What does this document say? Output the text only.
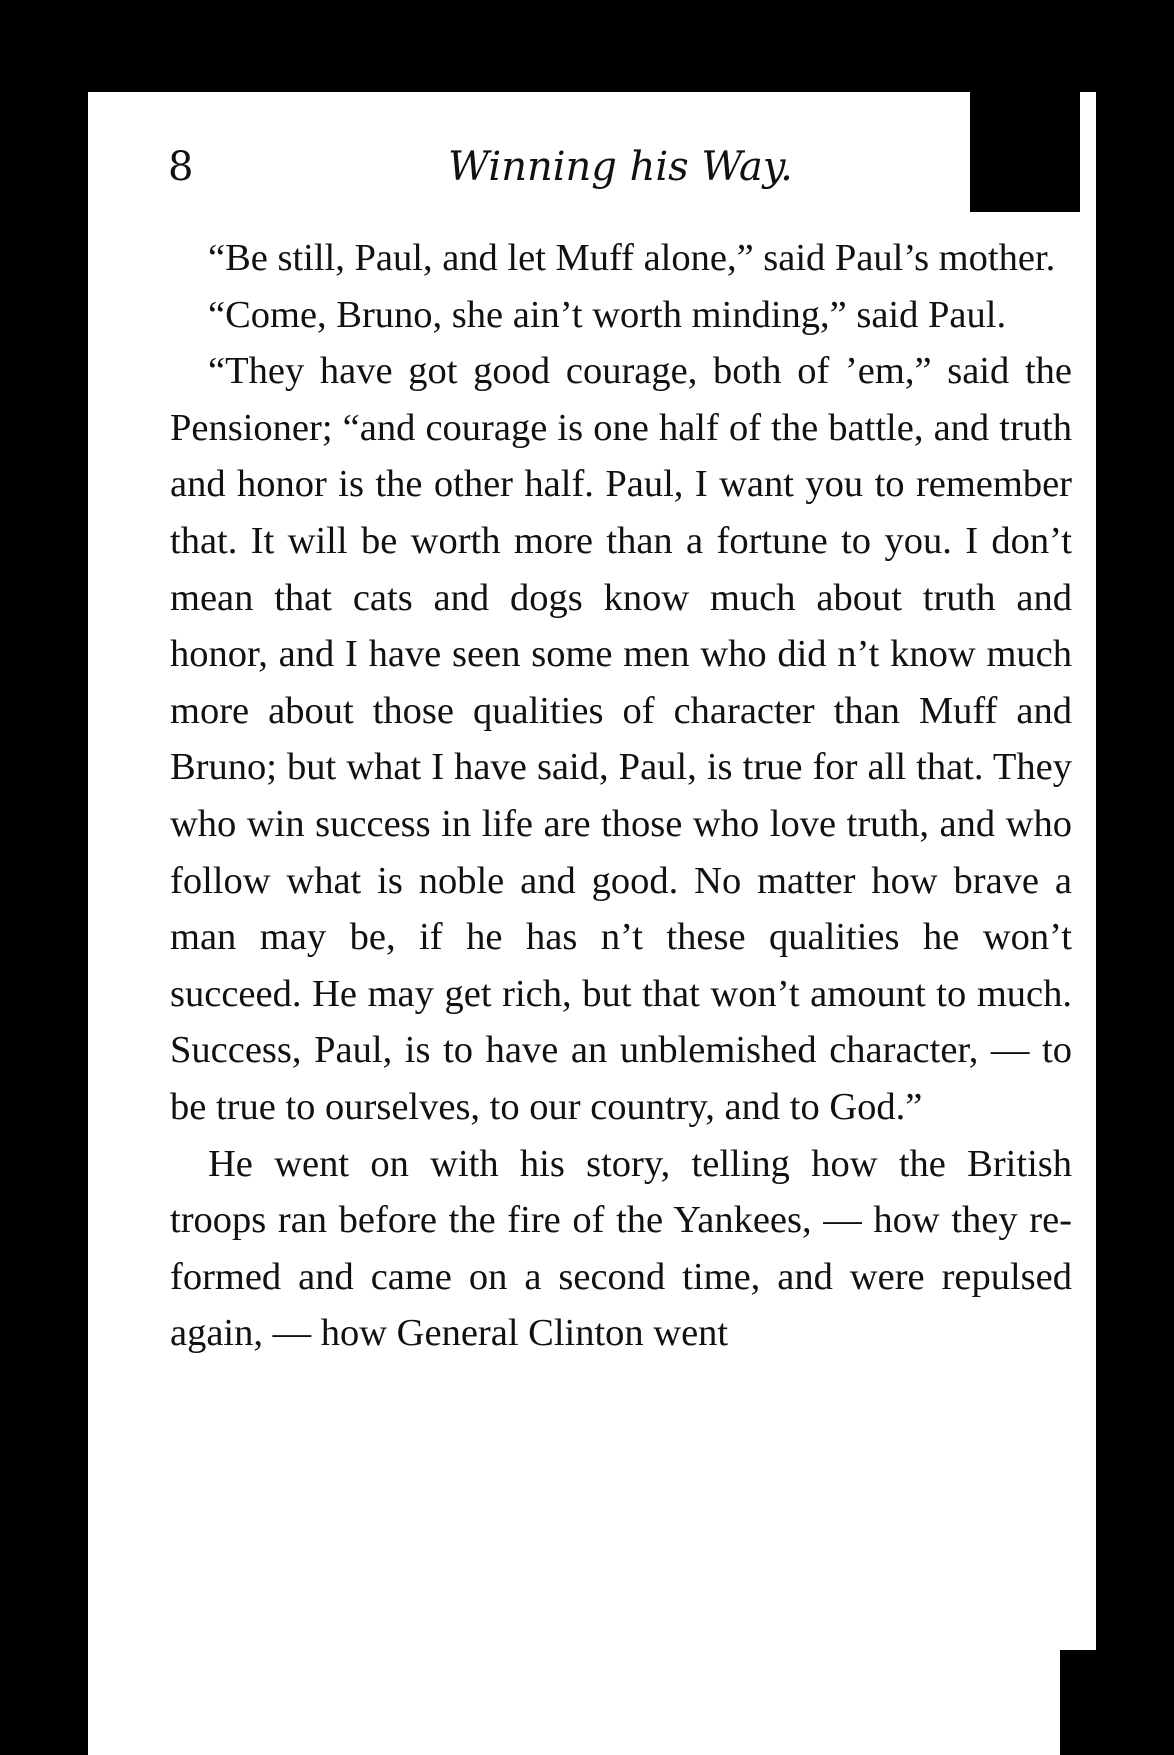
8	Winning his Way.

“Be still, Paul, and let Muff alone,” said Paul’s mother.

“Come, Bruno, she ain’t worth minding,” said Paul.

“They have got good courage, both of ’em,” said the Pensioner; “and courage is one half of the battle, and truth and honor is the other half. Paul, I want you to remember that. It will be worth more than a fortune to you. I don’t mean that cats and dogs know much about truth and honor, and I have seen some men who did n’t know much more about those qualities of character than Muff and Bruno; but what I have said, Paul, is true for all that. They who win success in life are those who love truth, and who follow what is noble and good. No matter how brave a man may be, if he has n’t these qualities he won’t succeed. He may get rich, but that won’t amount to much. Success, Paul, is to have an unblemished character, — to be true to ourselves, to our country, and to God.”

He went on with his story, telling how the British troops ran before the fire of the Yankees, — how they re-formed and came on a second time, and were repulsed again, — how General Clinton went
